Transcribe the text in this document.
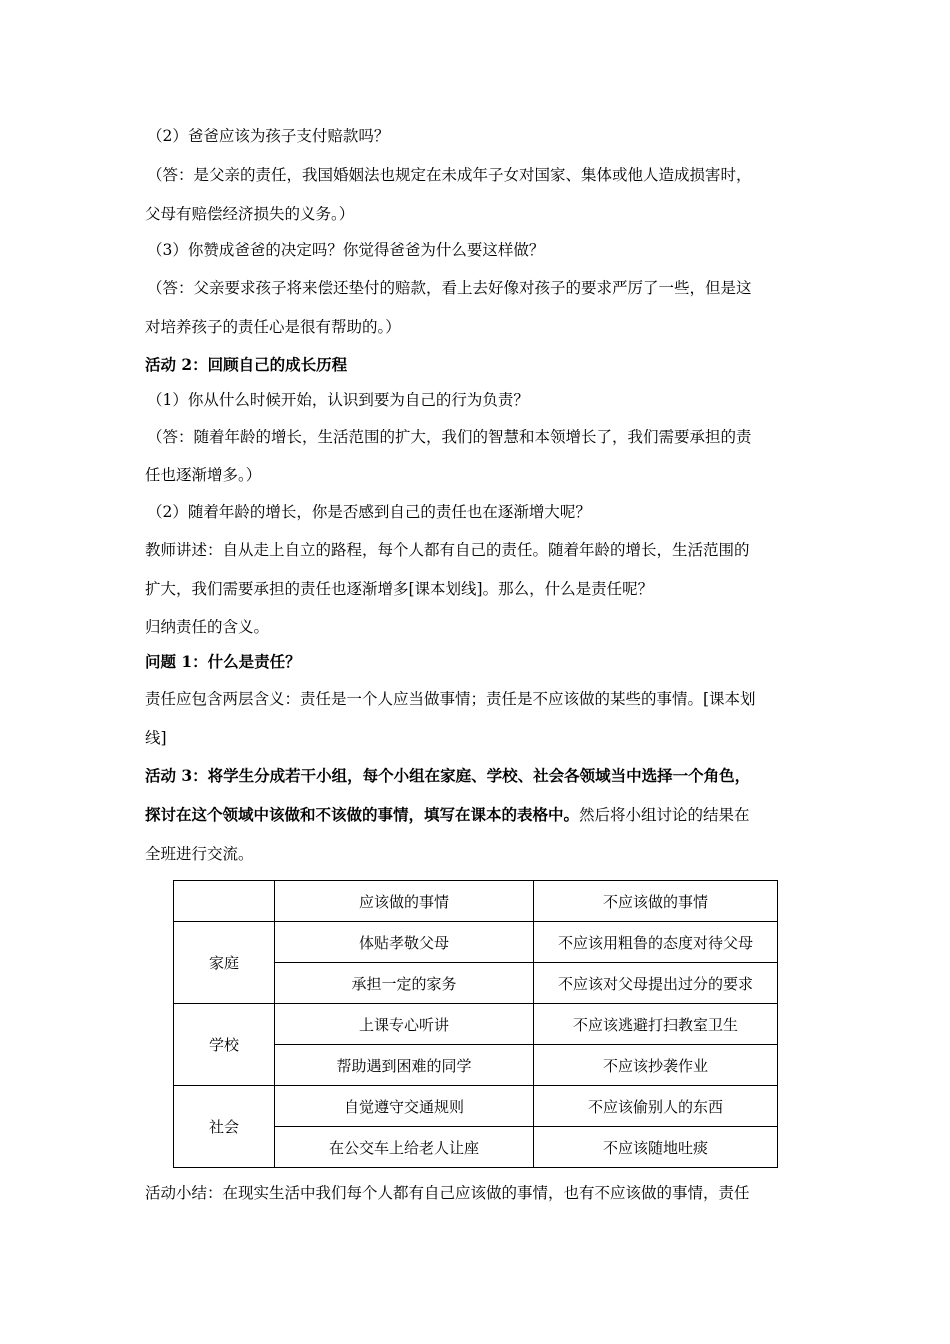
（2）爸爸应该为孩子支付赔款吗？
（答：是父亲的责任，我国婚姻法也规定在未成年子女对国家、集体或他人造成损害时，
父母有赔偿经济损失的义务。）
（3）你赞成爸爸的决定吗？你觉得爸爸为什么要这样做？
（答：父亲要求孩子将来偿还垫付的赔款，看上去好像对孩子的要求严厉了一些，但是这
对培养孩子的责任心是很有帮助的。）
活动 2：回顾自己的成长历程
（1）你从什么时候开始，认识到要为自己的行为负责？
（答：随着年龄的增长，生活范围的扩大，我们的智慧和本领增长了，我们需要承担的责
任也逐渐增多。）
（2）随着年龄的增长，你是否感到自己的责任也在逐渐增大呢？
教师讲述：自从走上自立的路程，每个人都有自己的责任。随着年龄的增长，生活范围的
扩大，我们需要承担的责任也逐渐增多[课本划线]。那么，什么是责任呢？
归纳责任的含义。
问题 1：什么是责任？
责任应包含两层含义：责任是一个人应当做事情；责任是不应该做的某些的事情。[课本划
线]
活动 3：将学生分成若干小组，每个小组在家庭、学校、社会各领域当中选择一个角色，
探讨在这个领域中该做和不该做的事情，填写在课本的表格中。然后将小组讨论的结果在
全班进行交流。
	应该做的事情	不应该做的事情
家庭	体贴孝敬父母	不应该用粗鲁的态度对待父母
	承担一定的家务	不应该对父母提出过分的要求
学校	上课专心听讲	不应该逃避打扫教室卫生
	帮助遇到困难的同学	不应该抄袭作业
社会	自觉遵守交通规则	不应该偷别人的东西
	在公交车上给老人让座	不应该随地吐痰
活动小结：在现实生活中我们每个人都有自己应该做的事情，也有不应该做的事情，责任
